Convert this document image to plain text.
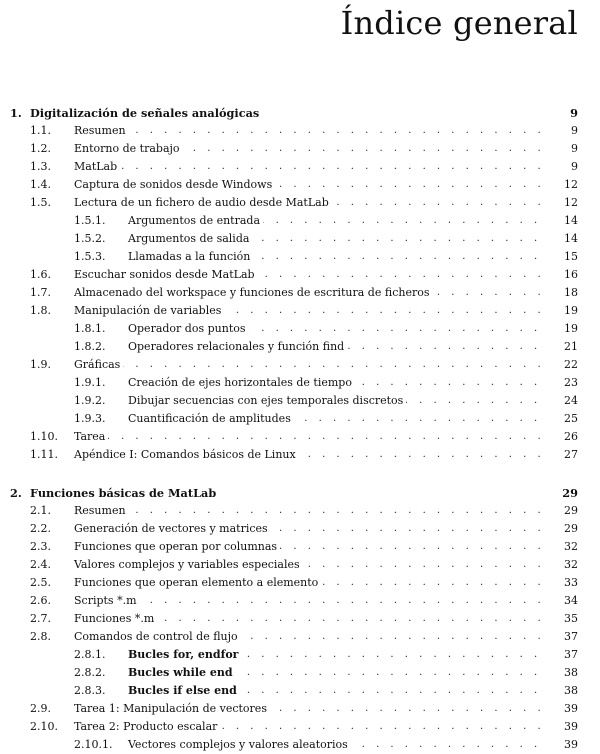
Índice general
1. Digitalización de señales analógicas	9
1.1. Resumen . . .	9
1.2. Entorno de trabajo . . .	9
1.3. MatLab . . .	9
1.4. Captura de sonidos desde Windows . . .	12
1.5. Lectura de un fichero de audio desde MatLab . . .	12
1.5.1. Argumentos de entrada . . .	14
1.5.2. Argumentos de salida . . .	14
1.5.3. Llamadas a la función . . .	15
1.6. Escuchar sonidos desde MatLab . . .	16
1.7. Almacenado del workspace y funciones de escritura de ficheros . . .	18
1.8. Manipulación de variables . . .	19
1.8.1. Operador dos puntos . . .	19
1.8.2. Operadores relacionales y función find . . .	21
1.9. Gráficas . . .	22
1.9.1. Creación de ejes horizontales de tiempo . . .	23
1.9.2. Dibujar secuencias con ejes temporales discretos . . .	24
1.9.3. Cuantificación de amplitudes . . .	25
1.10. Tarea . . .	26
1.11. Apéndice I: Comandos básicos de Linux . . .	27
2. Funciones básicas de MatLab	29
2.1. Resumen . . .	29
2.2. Generación de vectores y matrices . . .	29
2.3. Funciones que operan por columnas . . .	32
2.4. Valores complejos y variables especiales . . .	32
2.5. Funciones que operan elemento a elemento . . .	33
2.6. Scripts *.m . . .	34
2.7. Funciones *.m . . .	35
2.8. Comandos de control de flujo . . .	37
2.8.1. Bucles for, endfor . . .	37
2.8.2. Bucles while end . . .	38
2.8.3. Bucles if else end . . .	38
2.9. Tarea 1: Manipulación de vectores . . .	39
2.10. Tarea 2: Producto escalar . . .	39
2.10.1. Vectores complejos y valores aleatorios . . .	39
